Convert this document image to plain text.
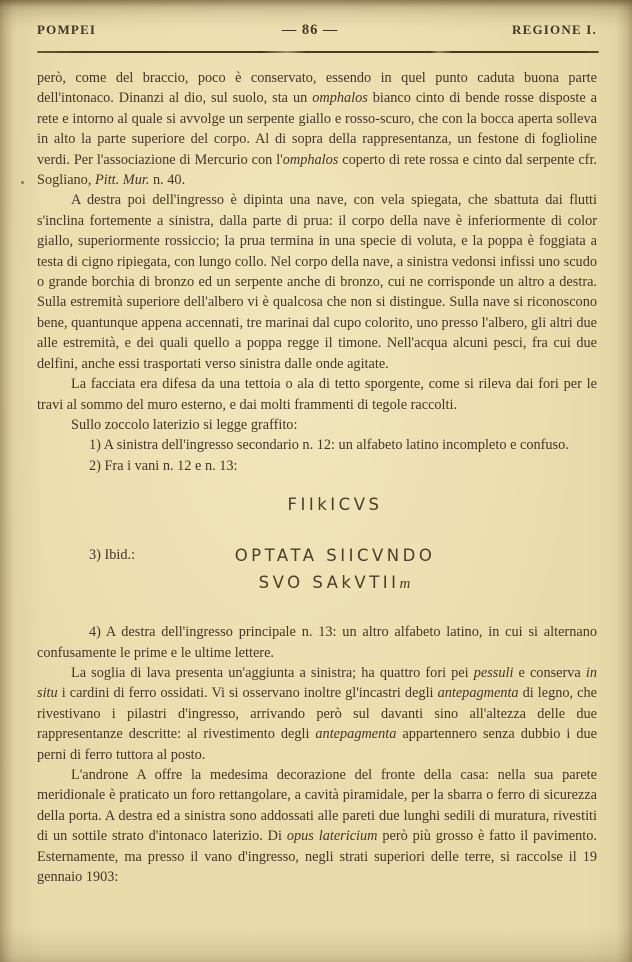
POMPEI	— 86 —	REGIONE I.

però, come del braccio, poco è conservato, essendo in quel punto caduta buona parte dell'intonaco. Dinanzi al dio, sul suolo, sta un omphalos bianco cinto di bende rosse disposte a rete e intorno al quale si avvolge un serpente giallo e rosso-scuro, che con la bocca aperta solleva in alto la parte superiore del corpo. Al di sopra della rappresentanza, un festone di foglioline verdi. Per l'associazione di Mercurio con l'omphalos coperto di rete rossa e cinto dal serpente cfr. Sogliano, Pitt. Mur. n. 40.

A destra poi dell'ingresso è dipinta una nave, con vela spiegata, che sbattuta dai flutti s'inclina fortemente a sinistra, dalla parte di prua: il corpo della nave è inferiormente di color giallo, superiormente rossiccio; la prua termina in una specie di voluta, e la poppa è foggiata a testa di cigno ripiegata, con lungo collo. Nel corpo della nave, a sinistra vedonsi infissi uno scudo o grande borchia di bronzo ed un serpente anche di bronzo, cui ne corrisponde un altro a destra. Sulla estremità superiore dell'albero vi è qualcosa che non si distingue. Sulla nave si riconoscono bene, quantunque appena accennati, tre marinai dal cupo colorito, uno presso l'albero, gli altri due alle estremità, e dei quali quello a poppa regge il timone. Nell'acqua alcuni pesci, fra cui due delfini, anche essi trasportati verso sinistra dalle onde agitate.

La facciata era difesa da una tettoia o ala di tetto sporgente, come si rileva dai fori per le travi al sommo del muro esterno, e dai molti frammenti di tegole raccolti.

Sullo zoccolo laterizio si legge graffito:

1) A sinistra dell'ingresso secondario n. 12: un alfabeto latino incompleto e confuso.

2) Fra i vani n. 12 e n. 13:

FIIkICVS
3) Ibid.:	OPTATA SIICVNDO
SVO SAkVTIIm

4) A destra dell'ingresso principale n. 13: un altro alfabeto latino, in cui si alternano confusamente le prime e le ultime lettere.

La soglia di lava presenta un'aggiunta a sinistra; ha quattro fori pei pessuli e conserva in situ i cardini di ferro ossidati. Vi si osservano inoltre gl'incastri degli antepagmenta di legno, che rivestivano i pilastri d'ingresso, arrivando però sul davanti sino all'altezza delle due rappresentanze descritte: al rivestimento degli antepagmenta appartennero senza dubbio i due perni di ferro tuttora al posto.

L'androne A offre la medesima decorazione del fronte della casa: nella sua parete meridionale è praticato un foro rettangolare, a cavità piramidale, per la sbarra o ferro di sicurezza della porta. A destra ed a sinistra sono addossati alle pareti due lunghi sedili di muratura, rivestiti di un sottile strato d'intonaco laterizio. Di opus latericium però più grosso è fatto il pavimento. Esternamente, ma presso il vano d'ingresso, negli strati superiori delle terre, si raccolse il 19 gennaio 1903:
